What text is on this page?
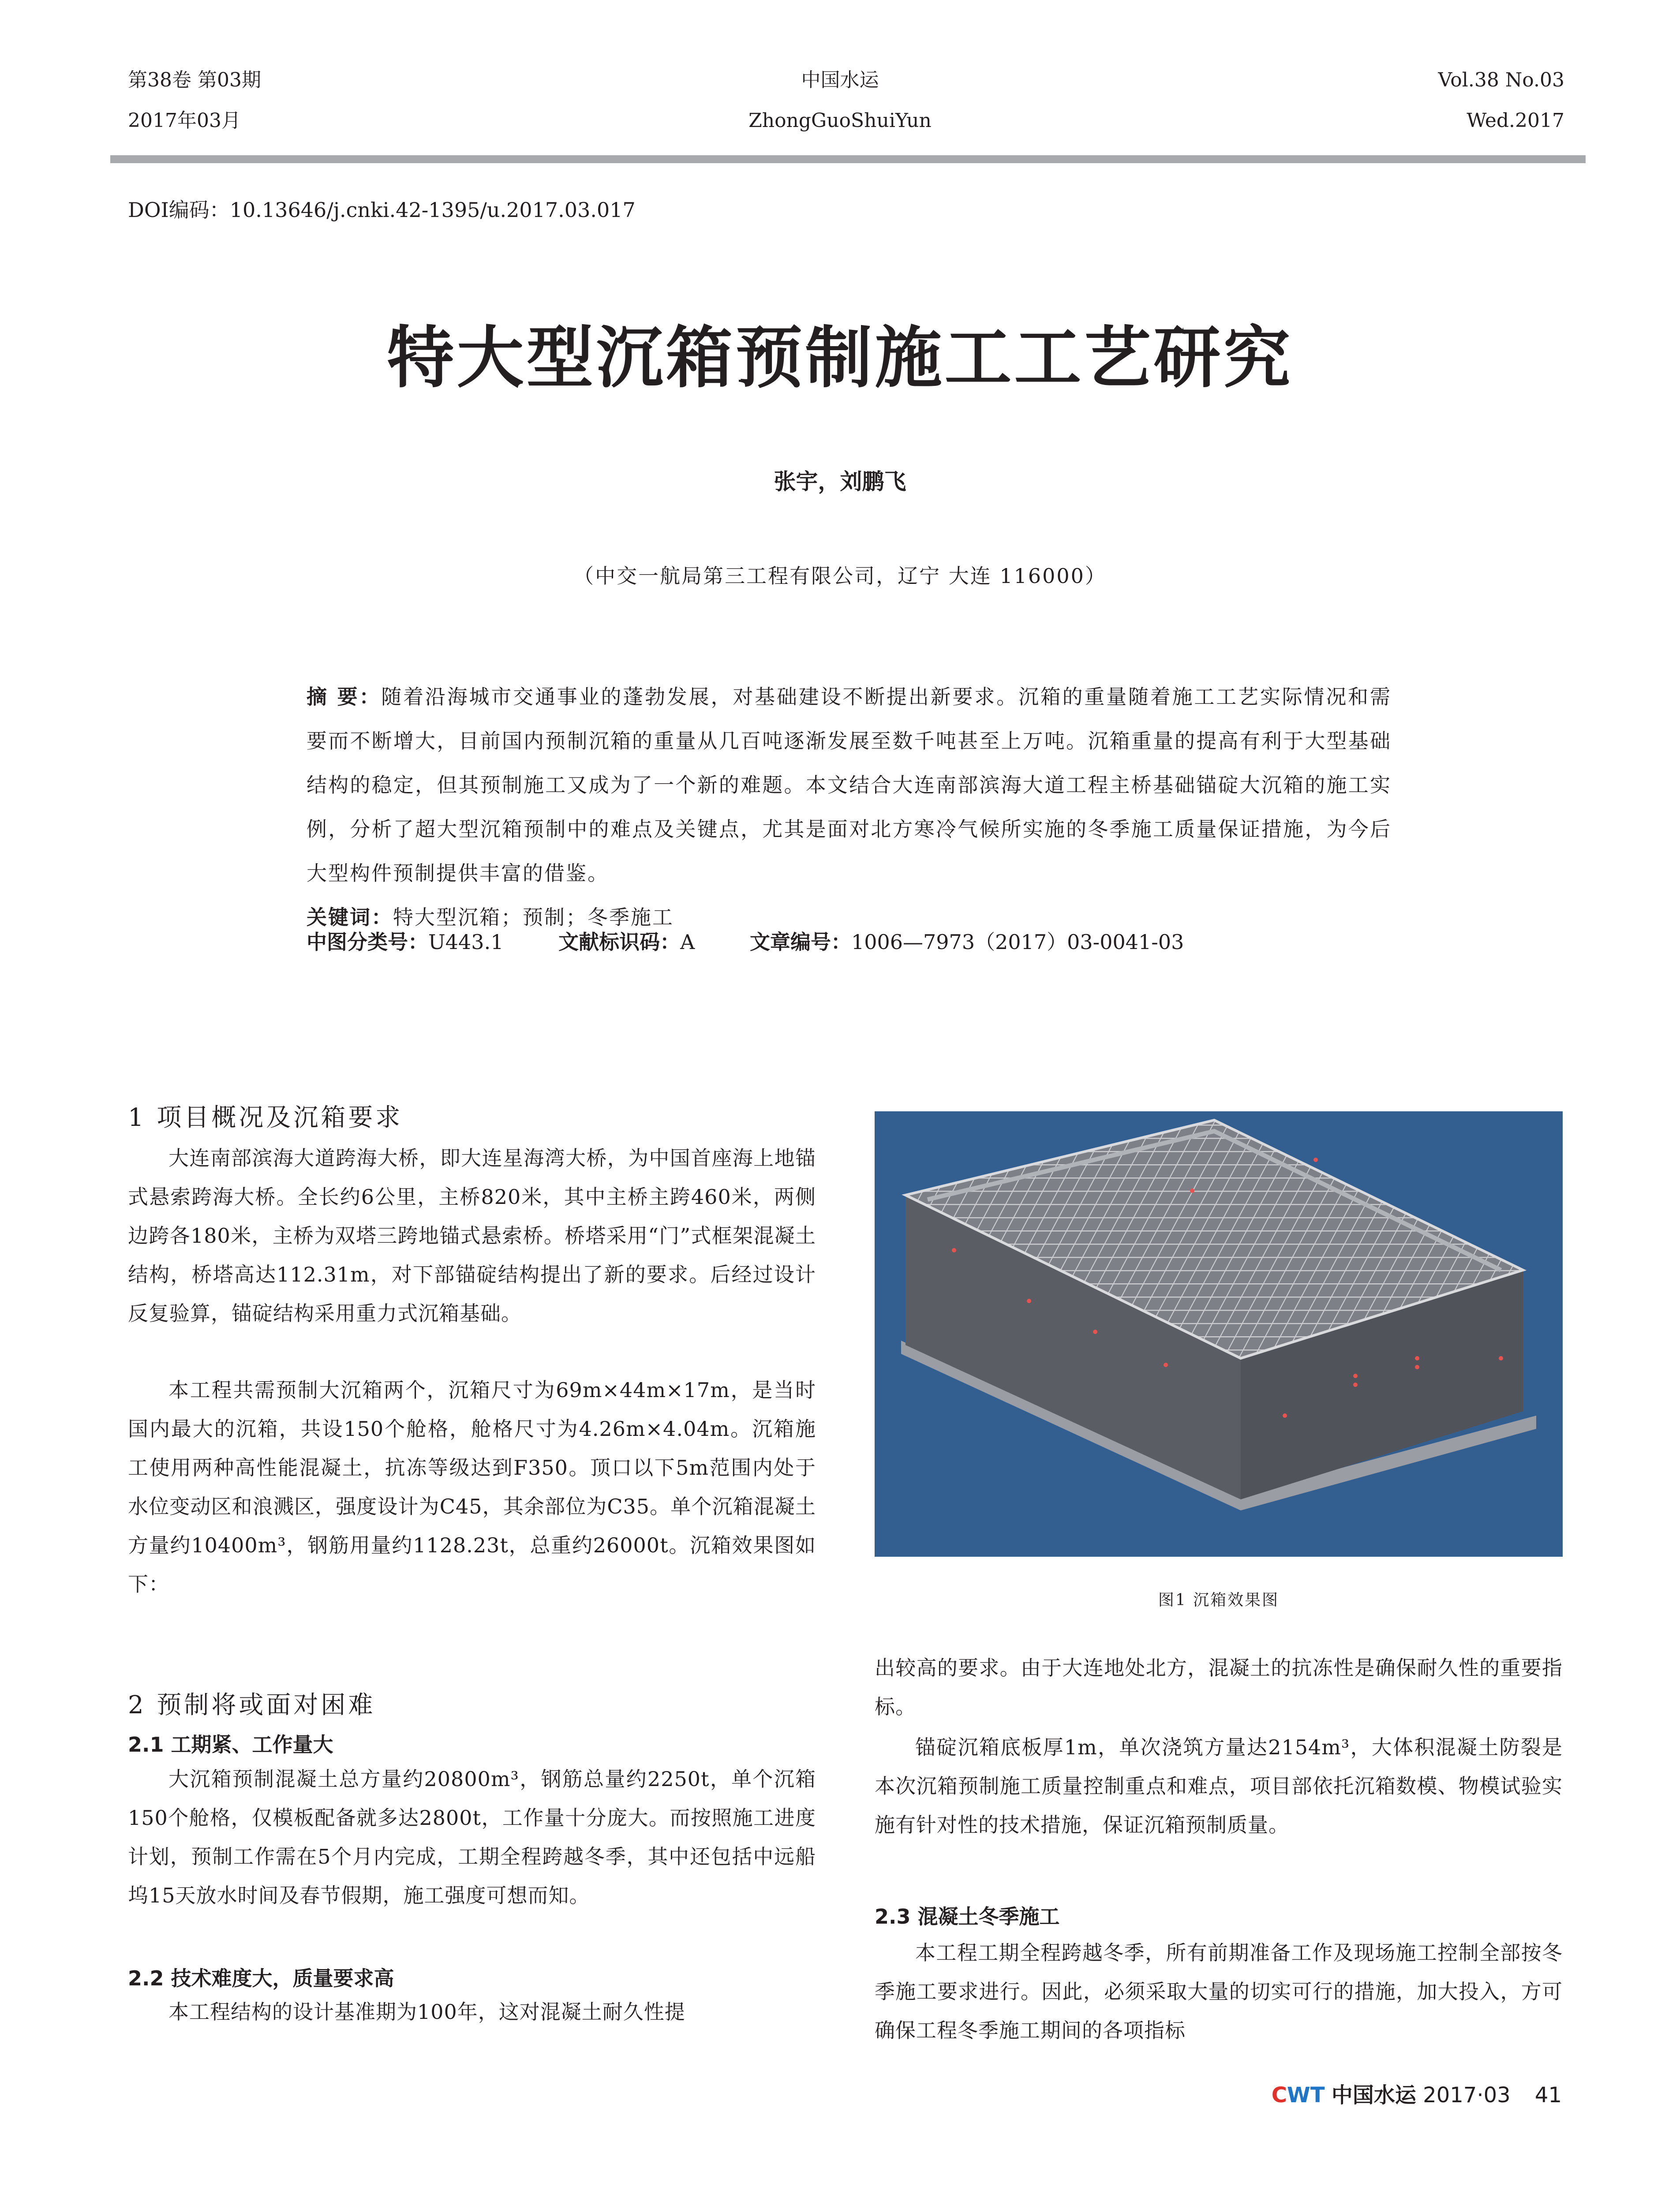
第38卷 第03期
2017年03月
中国水运
ZhongGuoShuiYun
Vol.38 No.03
Wed.2017
DOI编码：10.13646/j.cnki.42-1395/u.2017.03.017
特大型沉箱预制施工工艺研究
张宇，刘鹏飞
（中交一航局第三工程有限公司，辽宁 大连 116000）
摘 要：随着沿海城市交通事业的蓬勃发展，对基础建设不断提出新要求。沉箱的重量随着施工工艺实际情况和需要而不断增大，目前国内预制沉箱的重量从几百吨逐渐发展至数千吨甚至上万吨。沉箱重量的提高有利于大型基础结构的稳定，但其预制施工又成为了一个新的难题。本文结合大连南部滨海大道工程主桥基础锚碇大沉箱的施工实例，分析了超大型沉箱预制中的难点及关键点，尤其是面对北方寒冷气候所实施的冬季施工质量保证措施，为今后大型构件预制提供丰富的借鉴。
关键词：特大型沉箱；预制；冬季施工
中图分类号：U443.1	文献标识码：A	文章编号：1006—7973（2017）03-0041-03
1 项目概况及沉箱要求
大连南部滨海大道跨海大桥，即大连星海湾大桥，为中国首座海上地锚式悬索跨海大桥。全长约6公里，主桥820米，其中主桥主跨460米，两侧边跨各180米，主桥为双塔三跨地锚式悬索桥。桥塔采用“门”式框架混凝土结构，桥塔高达112.31m，对下部锚碇结构提出了新的要求。后经过设计反复验算，锚碇结构采用重力式沉箱基础。
本工程共需预制大沉箱两个，沉箱尺寸为69m×44m×17m，是当时国内最大的沉箱，共设150个舱格，舱格尺寸为4.26m×4.04m。沉箱施工使用两种高性能混凝土，抗冻等级达到F350。顶口以下5m范围内处于水位变动区和浪溅区，强度设计为C45，其余部位为C35。单个沉箱混凝土方量约10400m³，钢筋用量约1128.23t，总重约26000t。沉箱效果图如下：
2 预制将或面对困难
2.1 工期紧、工作量大
大沉箱预制混凝土总方量约20800m³，钢筋总量约2250t，单个沉箱150个舱格，仅模板配备就多达2800t，工作量十分庞大。而按照施工进度计划，预制工作需在5个月内完成，工期全程跨越冬季，其中还包括中远船坞15天放水时间及春节假期，施工强度可想而知。
2.2 技术难度大，质量要求高
本工程结构的设计基准期为100年，这对混凝土耐久性提
图1 沉箱效果图
出较高的要求。由于大连地处北方，混凝土的抗冻性是确保耐久性的重要指标。
锚碇沉箱底板厚1m，单次浇筑方量达2154m³，大体积混凝土防裂是本次沉箱预制施工质量控制重点和难点，项目部依托沉箱数模、物模试验实施有针对性的技术措施，保证沉箱预制质量。
2.3 混凝土冬季施工
本工程工期全程跨越冬季，所有前期准备工作及现场施工控制全部按冬季施工要求进行。因此，必须采取大量的切实可行的措施，加大投入，方可确保工程冬季施工期间的各项指标
CWT 中国水运 2017·03 41
